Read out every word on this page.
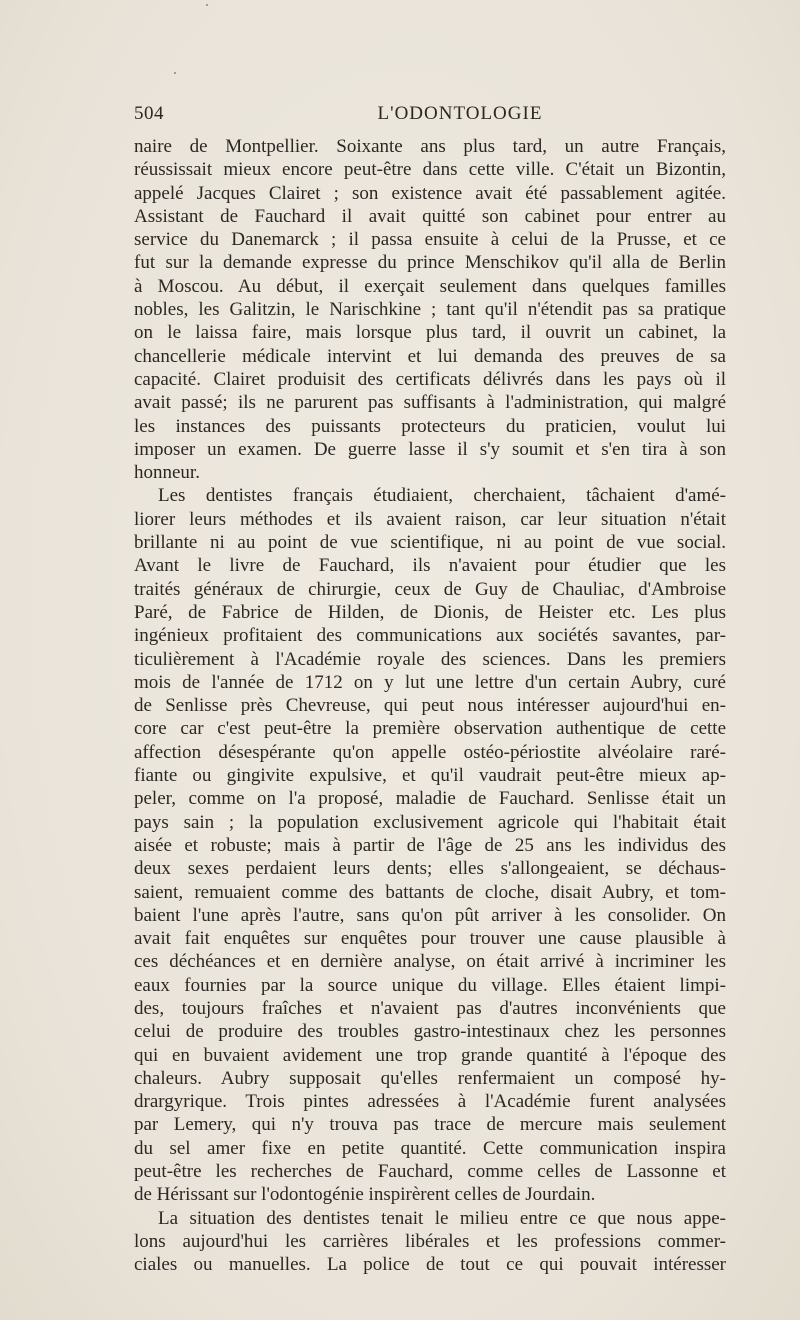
504	L'ODONTOLOGIE
naire de Montpellier. Soixante ans plus tard, un autre Français,
réussissait mieux encore peut-être dans cette ville. C'était un Bizontin,
appelé Jacques Clairet ; son existence avait été passablement agitée.
Assistant de Fauchard il avait quitté son cabinet pour entrer au
service du Danemarck ; il passa ensuite à celui de la Prusse, et ce
fut sur la demande expresse du prince Menschikov qu'il alla de Berlin
à Moscou. Au début, il exerçait seulement dans quelques familles
nobles, les Galitzin, le Narischkine ; tant qu'il n'étendit pas sa pratique
on le laissa faire, mais lorsque plus tard, il ouvrit un cabinet, la
chancellerie médicale intervint et lui demanda des preuves de sa
capacité. Clairet produisit des certificats délivrés dans les pays où il
avait passé; ils ne parurent pas suffisants à l'administration, qui malgré
les instances des puissants protecteurs du praticien, voulut lui
imposer un examen. De guerre lasse il s'y soumit et s'en tira à son
honneur.
Les dentistes français étudiaient, cherchaient, tâchaient d'amé-
liorer leurs méthodes et ils avaient raison, car leur situation n'était
brillante ni au point de vue scientifique, ni au point de vue social.
Avant le livre de Fauchard, ils n'avaient pour étudier que les
traités généraux de chirurgie, ceux de Guy de Chauliac, d'Ambroise
Paré, de Fabrice de Hilden, de Dionis, de Heister etc. Les plus
ingénieux profitaient des communications aux sociétés savantes, par-
ticulièrement à l'Académie royale des sciences. Dans les premiers
mois de l'année de 1712 on y lut une lettre d'un certain Aubry, curé
de Senlisse près Chevreuse, qui peut nous intéresser aujourd'hui en-
core car c'est peut-être la première observation authentique de cette
affection désespérante qu'on appelle ostéo-périostite alvéolaire raré-
fiante ou gingivite expulsive, et qu'il vaudrait peut-être mieux ap-
peler, comme on l'a proposé, maladie de Fauchard. Senlisse était un
pays sain ; la population exclusivement agricole qui l'habitait était
aisée et robuste; mais à partir de l'âge de 25 ans les individus des
deux sexes perdaient leurs dents; elles s'allongeaient, se déchaus-
saient, remuaient comme des battants de cloche, disait Aubry, et tom-
baient l'une après l'autre, sans qu'on pût arriver à les consolider. On
avait fait enquêtes sur enquêtes pour trouver une cause plausible à
ces déchéances et en dernière analyse, on était arrivé à incriminer les
eaux fournies par la source unique du village. Elles étaient limpi-
des, toujours fraîches et n'avaient pas d'autres inconvénients que
celui de produire des troubles gastro-intestinaux chez les personnes
qui en buvaient avidement une trop grande quantité à l'époque des
chaleurs. Aubry supposait qu'elles renfermaient un composé hy-
drargyrique. Trois pintes adressées à l'Académie furent analysées
par Lemery, qui n'y trouva pas trace de mercure mais seulement
du sel amer fixe en petite quantité. Cette communication inspira
peut-être les recherches de Fauchard, comme celles de Lassonne et
de Hérissant sur l'odontogénie inspirèrent celles de Jourdain.
La situation des dentistes tenait le milieu entre ce que nous appe-
lons aujourd'hui les carrières libérales et les professions commer-
ciales ou manuelles. La police de tout ce qui pouvait intéresser
